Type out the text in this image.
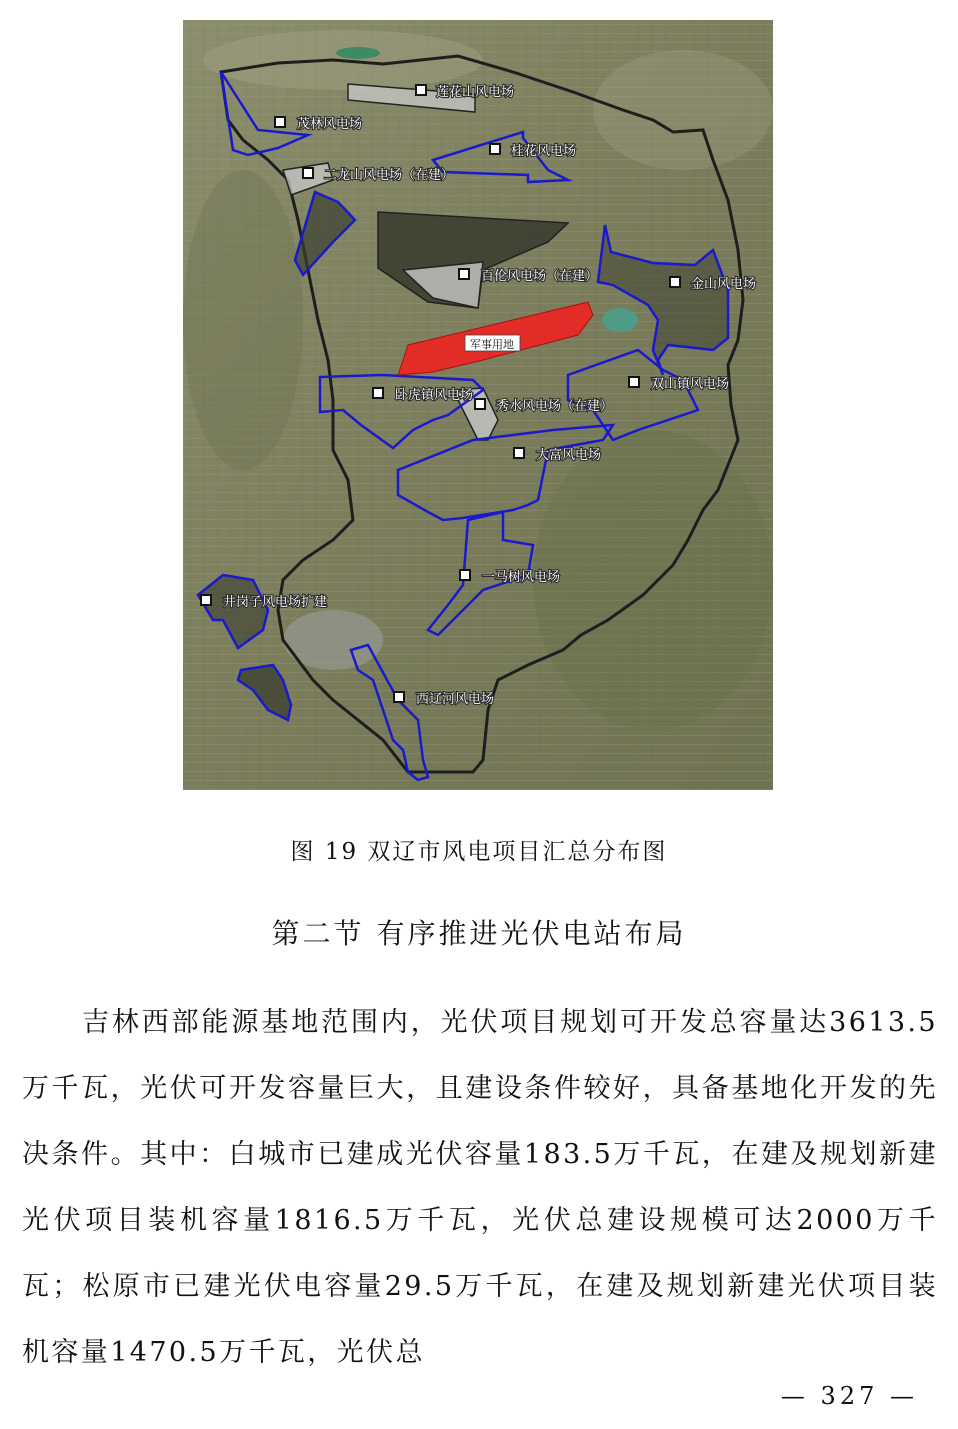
军事用地
莲花山风电场
茂林风电场
桂花风电场
二龙山风电场（在建）
百伦风电场（在建）
金山风电场
卧虎镇风电场
秀水风电场（在建）
双山镇风电场
大富风电场
一马树风电场
井岗子风电场扩建
西辽河风电场
图 19 双辽市风电项目汇总分布图
第二节 有序推进光伏电站布局

吉林西部能源基地范围内，光伏项目规划可开发总容量达3613.5万千瓦，光伏可开发容量巨大，且建设条件较好，具备基地化开发的先决条件。其中：白城市已建成光伏容量183.5万千瓦，在建及规划新建光伏项目装机容量1816.5万千瓦，光伏总建设规模可达2000万千瓦；松原市已建光伏电容量29.5万千瓦，在建及规划新建光伏项目装机容量1470.5万千瓦，光伏总

— 327 —
